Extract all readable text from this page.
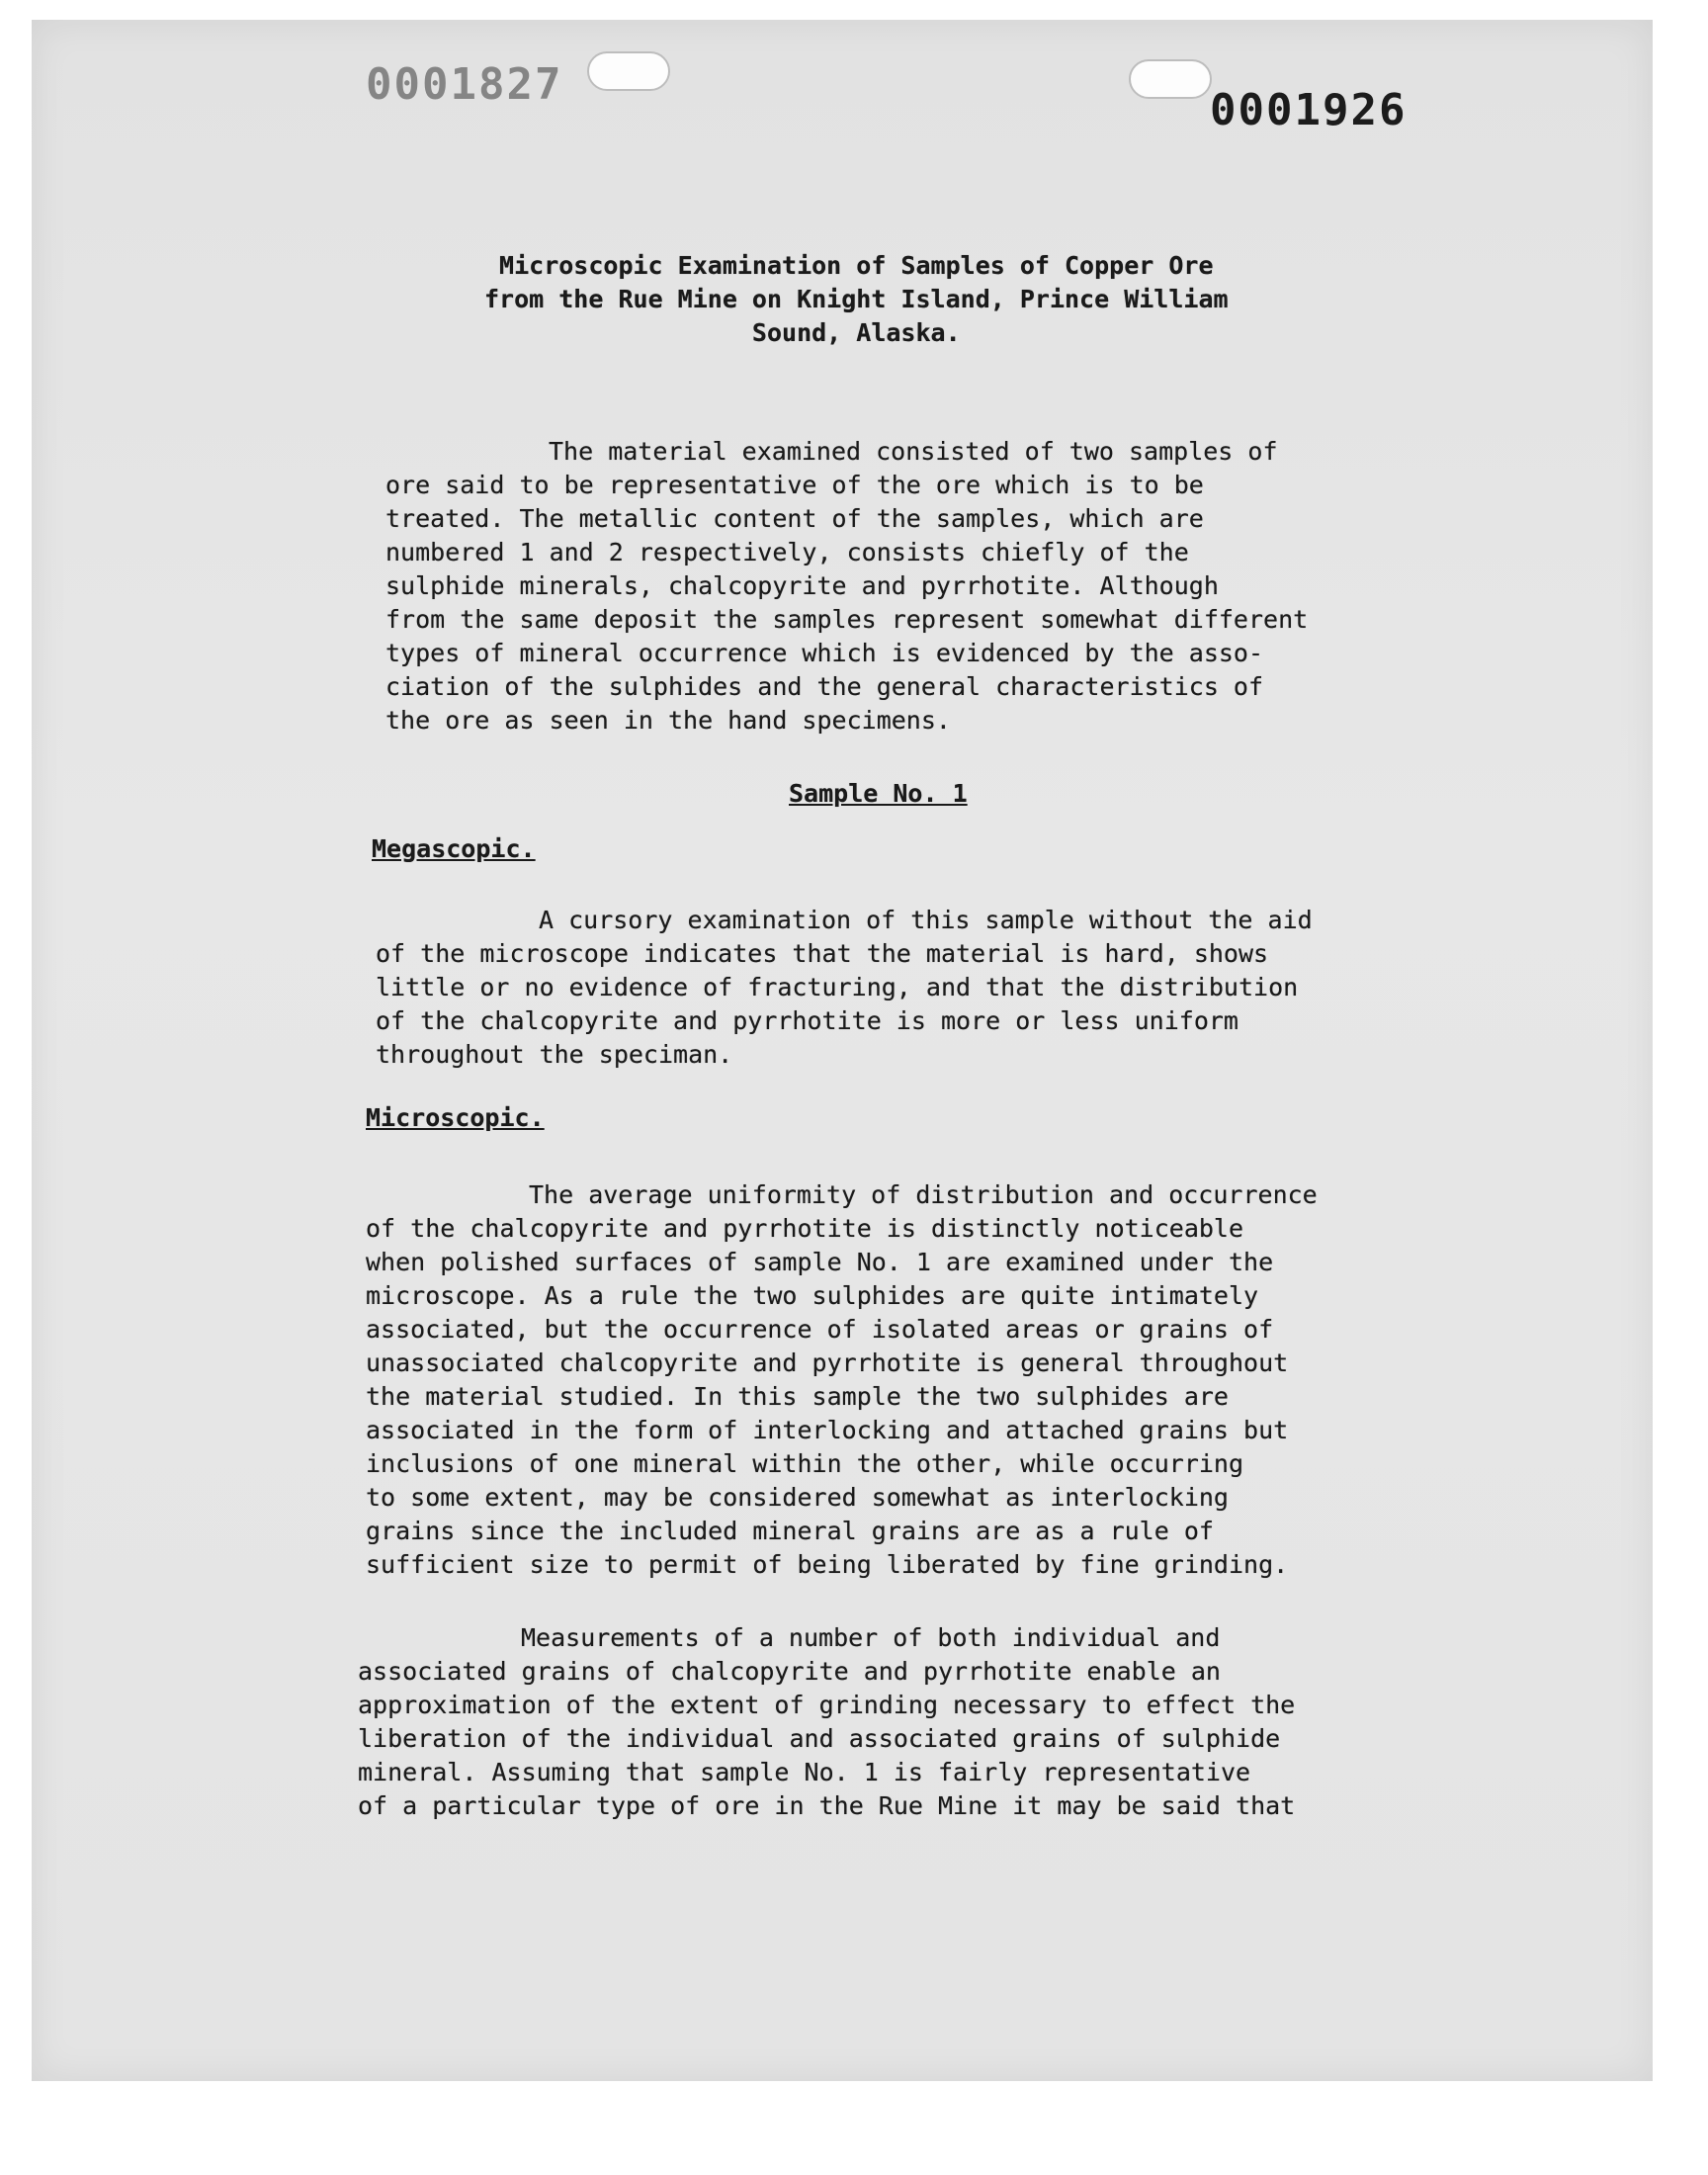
0001827
0001926
Microscopic Examination of Samples of Copper Ore
from the Rue Mine on Knight Island, Prince William
Sound, Alaska.
The material examined consisted of two samples of
ore said to be representative of the ore which is to be
treated. The metallic content of the samples, which are
numbered 1 and 2 respectively, consists chiefly of the
sulphide minerals, chalcopyrite and pyrrhotite. Although
from the same deposit the samples represent somewhat different
types of mineral occurrence which is evidenced by the asso-
ciation of the sulphides and the general characteristics of
the ore as seen in the hand specimens.
Sample No. 1
Megascopic.
A cursory examination of this sample without the aid
of the microscope indicates that the material is hard, shows
little or no evidence of fracturing, and that the distribution
of the chalcopyrite and pyrrhotite is more or less uniform
throughout the speciman.
Microscopic.
The average uniformity of distribution and occurrence
of the chalcopyrite and pyrrhotite is distinctly noticeable
when polished surfaces of sample No. 1 are examined under the
microscope. As a rule the two sulphides are quite intimately
associated, but the occurrence of isolated areas or grains of
unassociated chalcopyrite and pyrrhotite is general throughout
the material studied. In this sample the two sulphides are
associated in the form of interlocking and attached grains but
inclusions of one mineral within the other, while occurring
to some extent, may be considered somewhat as interlocking
grains since the included mineral grains are as a rule of
sufficient size to permit of being liberated by fine grinding.
Measurements of a number of both individual and
associated grains of chalcopyrite and pyrrhotite enable an
approximation of the extent of grinding necessary to effect the
liberation of the individual and associated grains of sulphide
mineral. Assuming that sample No. 1 is fairly representative
of a particular type of ore in the Rue Mine it may be said that
